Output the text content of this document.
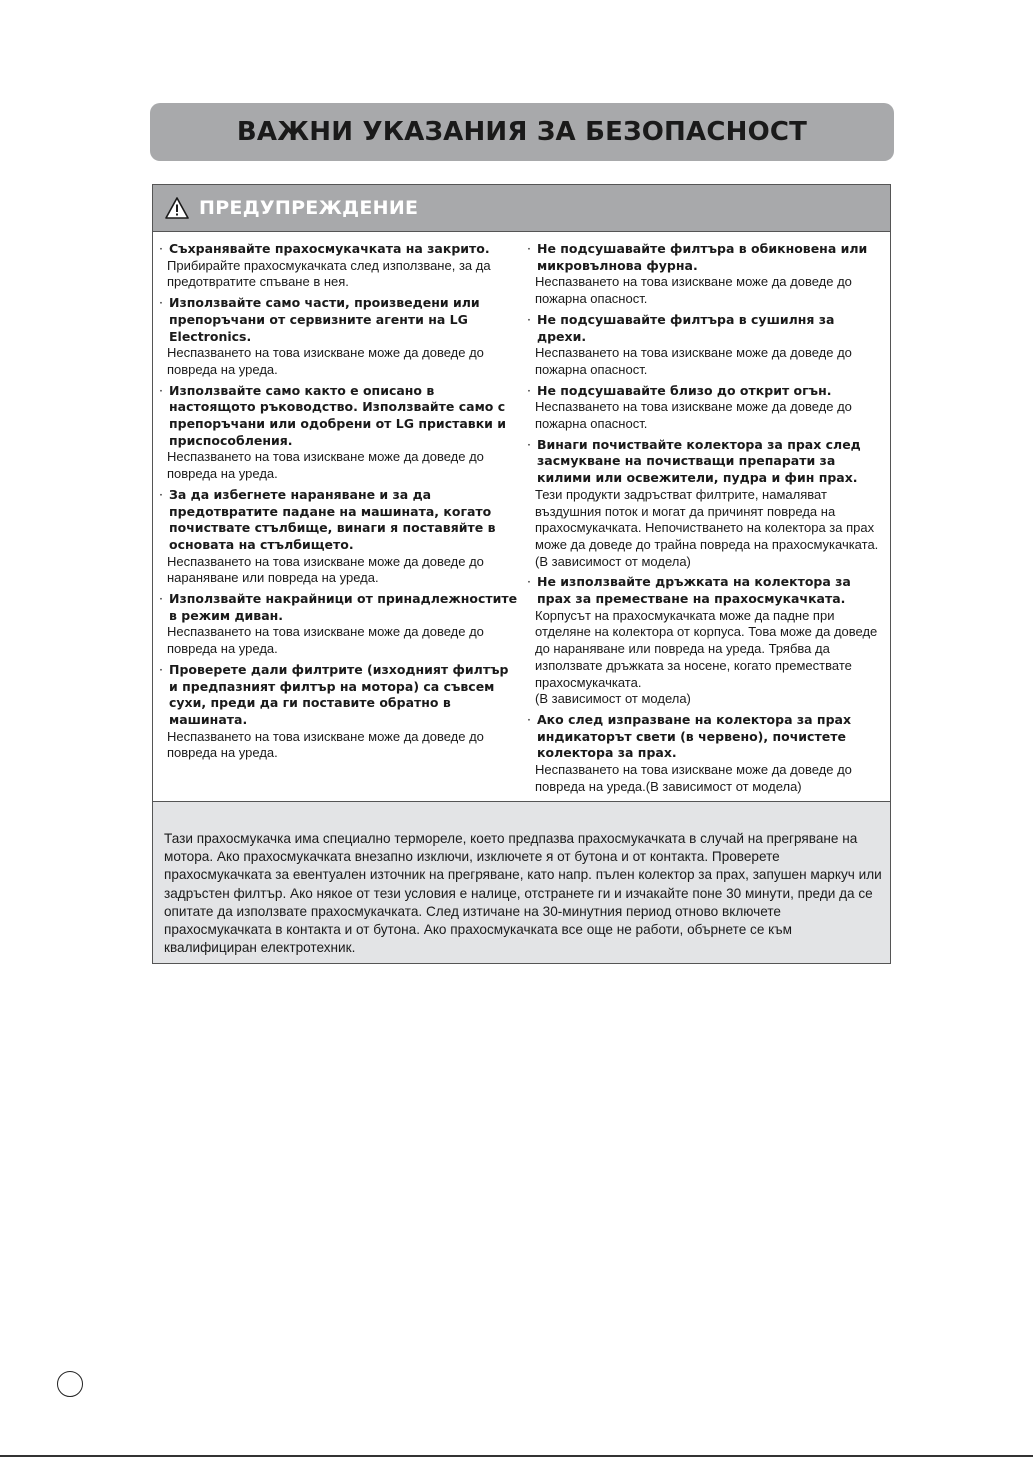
ВАЖНИ УКАЗАНИЯ ЗА БЕЗОПАСНОСТ
ПРЕДУПРЕЖДЕНИЕ
· Съхранявайте прахосмукачката на закрито.
Прибирайте прахосмукачката след използване, за да предотвратите спъване в нея.
· Използвайте само части, произведени или препоръчани от сервизните агенти на LG Electronics.
Неспазването на това изискване може да доведе до повреда на уреда.
· Използвайте само както е описано в настоящото ръководство. Използвайте само с препоръчани или одобрени от LG приставки и приспособления.
Неспазването на това изискване може да доведе до повреда на уреда.
· За да избегнете нараняване и за да предотвратите падане на машината, когато почиствате стълбище, винаги я поставяйте в основата на стълбището.
Неспазването на това изискване може да доведе до нараняване или повреда на уреда.
· Използвайте накрайници от принадлежностите в режим диван.
Неспазването на това изискване може да доведе до повреда на уреда.
· Проверете дали филтрите (изходният филтър и предпазният филтър на мотора) са съвсем сухи, преди да ги поставите обратно в машината.
Неспазването на това изискване може да доведе до повреда на уреда.
· Не подсушавайте филтъра в обикновена или микровълнова фурна.
Неспазването на това изискване може да доведе до пожарна опасност.
· Не подсушавайте филтъра в сушилня за дрехи.
Неспазването на това изискване може да доведе до пожарна опасност.
· Не подсушавайте близо до открит огън.
Неспазването на това изискване може да доведе до пожарна опасност.
· Винаги почиствайте колектора за прах след засмукване на почистващи препарати за килими или освежители, пудра и фин прах.
Тези продукти задръстват филтрите, намаляват въздушния поток и могат да причинят повреда на прахосмукачката. Непочистването на колектора за прах може да доведе до трайна повреда на прахосмукачката.(В зависимост от модела)
· Не използвайте дръжката на колектора за прах за преместване на прахосмукачката.
Корпусът на прахосмукачката може да падне при отделяне на колектора от корпуса. Това може да доведе до нараняване или повреда на уреда. Трябва да използвате дръжката за носене, когато премествате прахосмукачката.
(В зависимост от модела)
· Ако след изпразване на колектора за прах индикаторът свети (в червено), почистете колектора за прах.
Неспазването на това изискване може да доведе до повреда на уреда.(В зависимост от модела)

Тази прахосмукачка има специално термореле, което предпазва прахосмукачката в случай на прегряване на мотора. Ако прахосмукачката внезапно изключи, изключете я от бутона и от контакта. Проверете прахосмукачката за евентуален източник на прегряване, като напр. пълен колектор за прах, запушен маркуч или задръстен филтър. Ако някое от тези условия е налице, отстранете ги и изчакайте поне 30 минути, преди да се опитате да използвате прахосмукачката. След изтичане на 30-минутния период отново включете прахосмукачката в контакта и от бутона. Ако прахосмукачката все още не работи, обърнете се към квалифициран електротехник.
